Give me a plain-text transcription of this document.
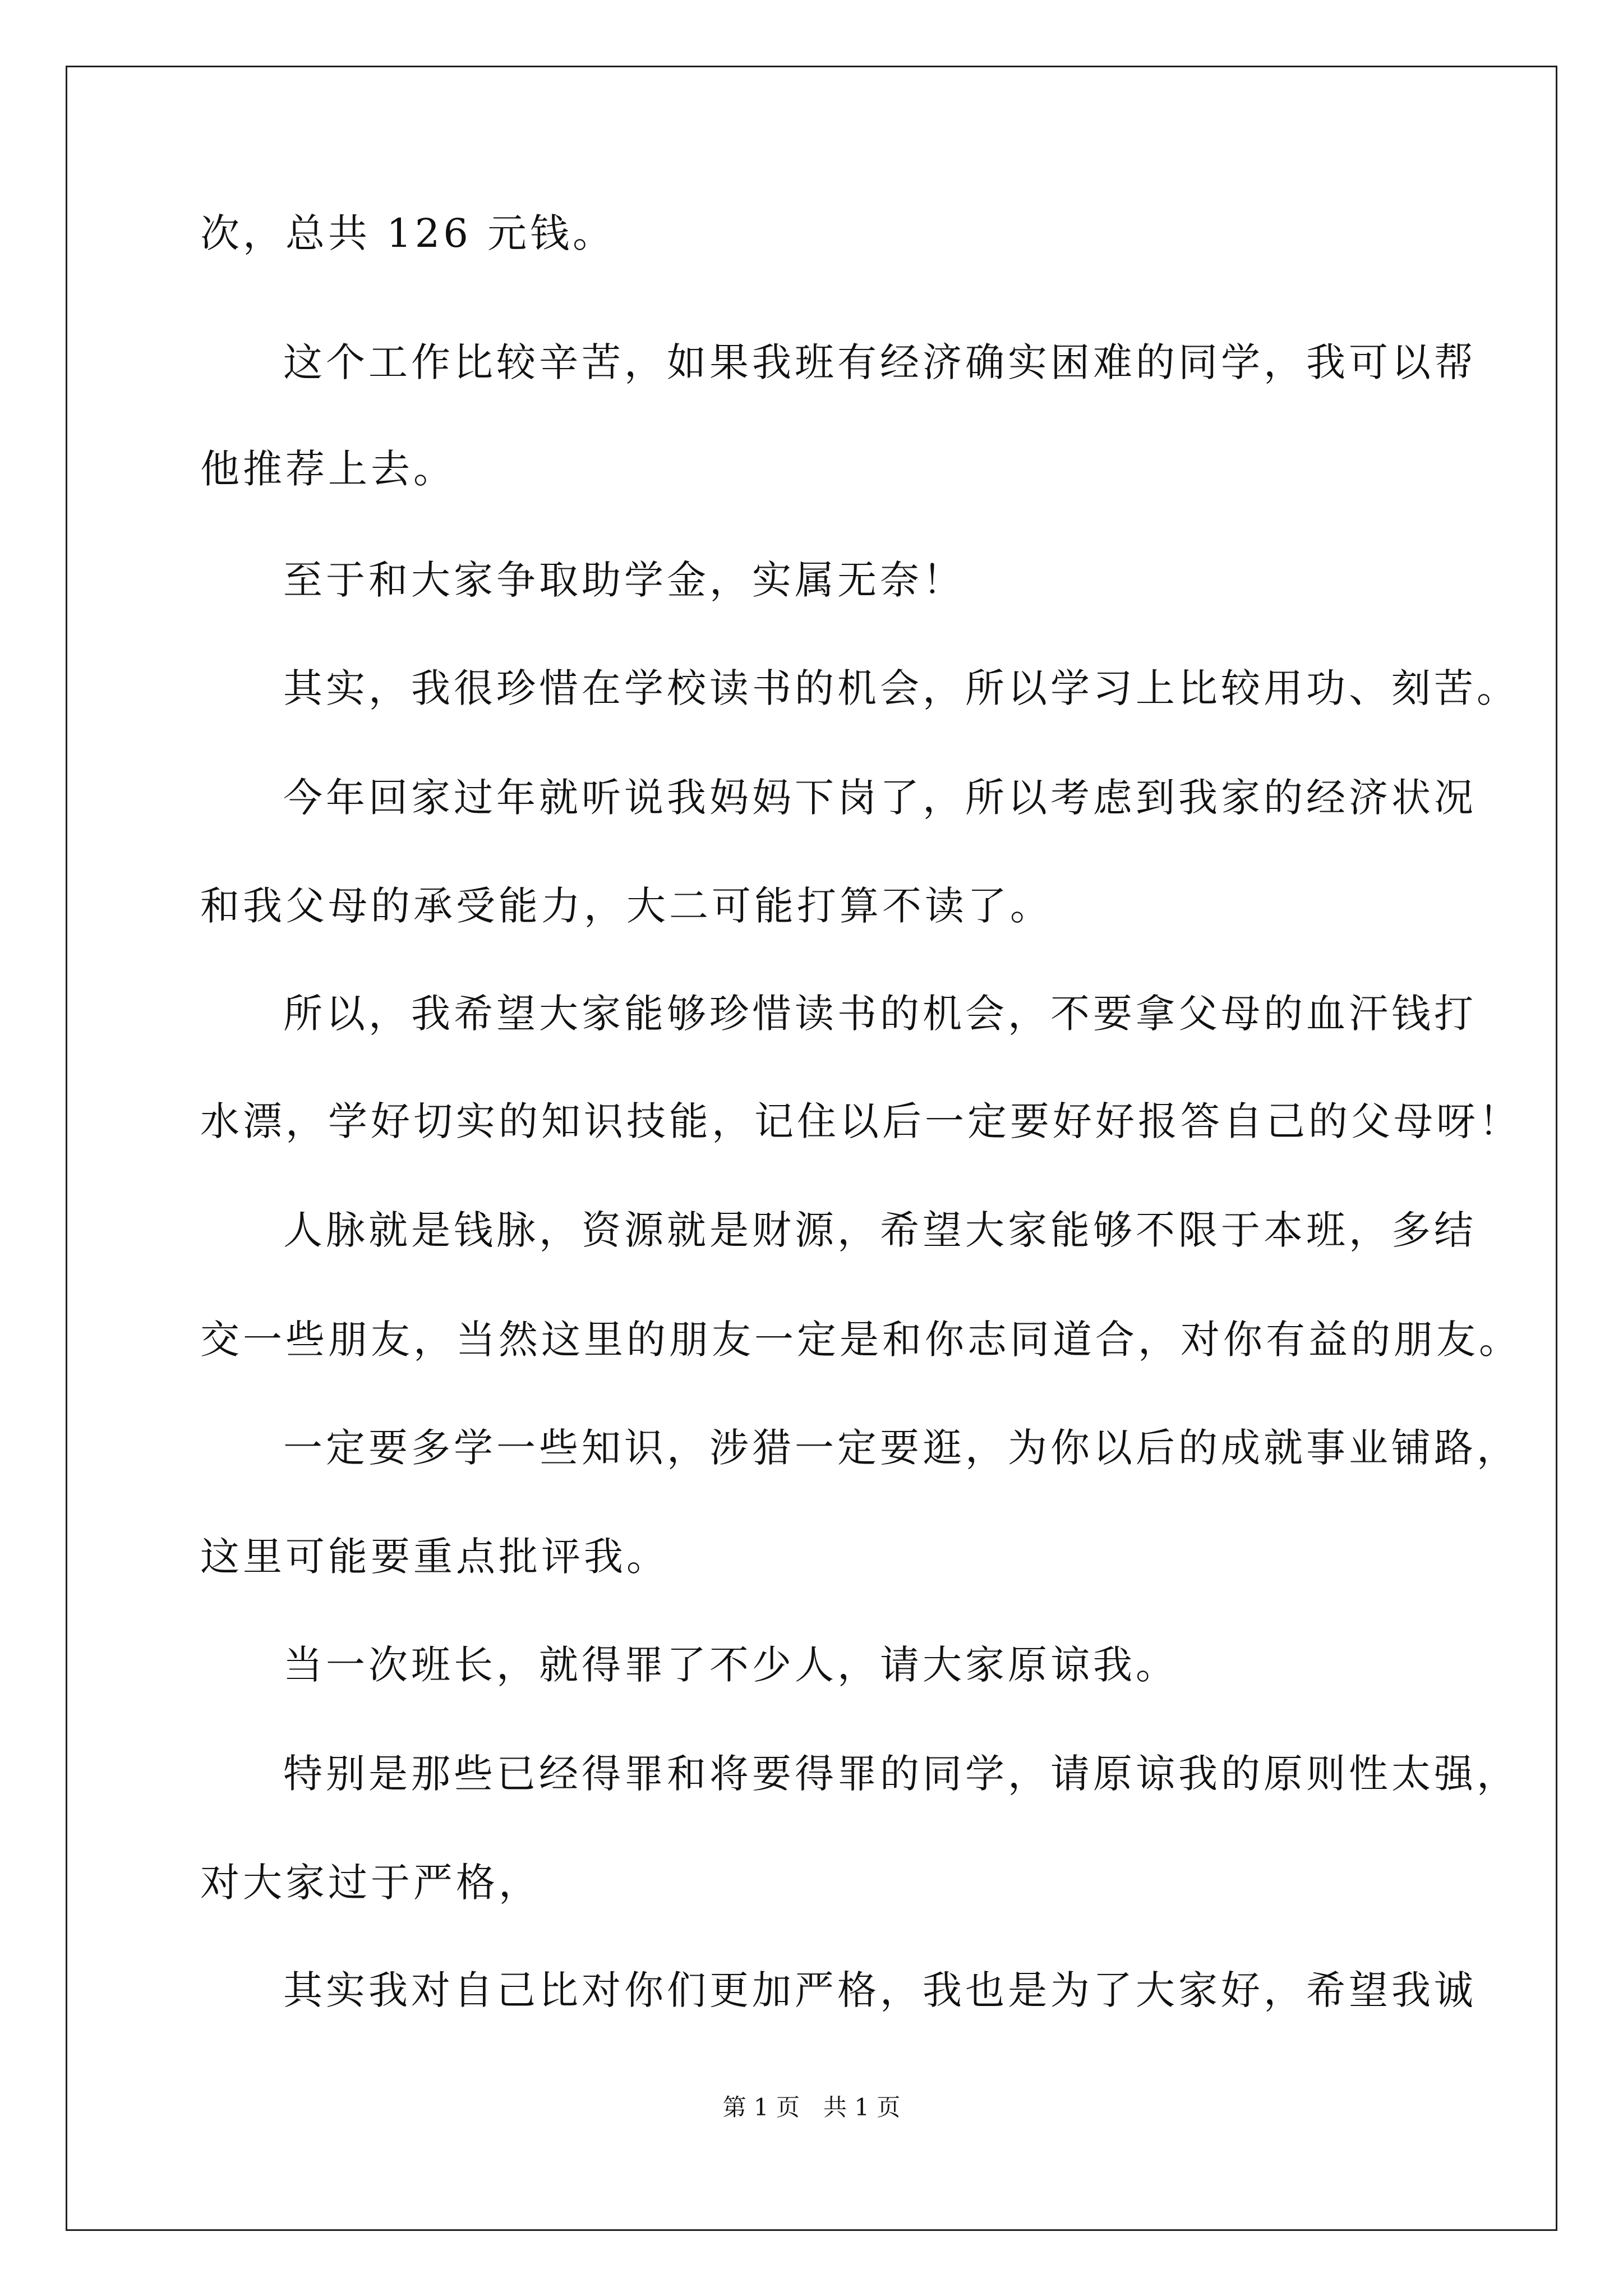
次，总共 126 元钱。
这个工作比较辛苦，如果我班有经济确实困难的同学，我可以帮
他推荐上去。
至于和大家争取助学金，实属无奈！
其实，我很珍惜在学校读书的机会，所以学习上比较用功、刻苦。
今年回家过年就听说我妈妈下岗了，所以考虑到我家的经济状况
和我父母的承受能力，大二可能打算不读了。
所以，我希望大家能够珍惜读书的机会，不要拿父母的血汗钱打
水漂，学好切实的知识技能，记住以后一定要好好报答自己的父母呀！
人脉就是钱脉，资源就是财源，希望大家能够不限于本班，多结
交一些朋友，当然这里的朋友一定是和你志同道合，对你有益的朋友。
一定要多学一些知识，涉猎一定要逛，为你以后的成就事业铺路，
这里可能要重点批评我。
当一次班长，就得罪了不少人，请大家原谅我。
特别是那些已经得罪和将要得罪的同学，请原谅我的原则性太强，
对大家过于严格，
其实我对自己比对你们更加严格，我也是为了大家好，希望我诚
第 1 页　共 1 页
